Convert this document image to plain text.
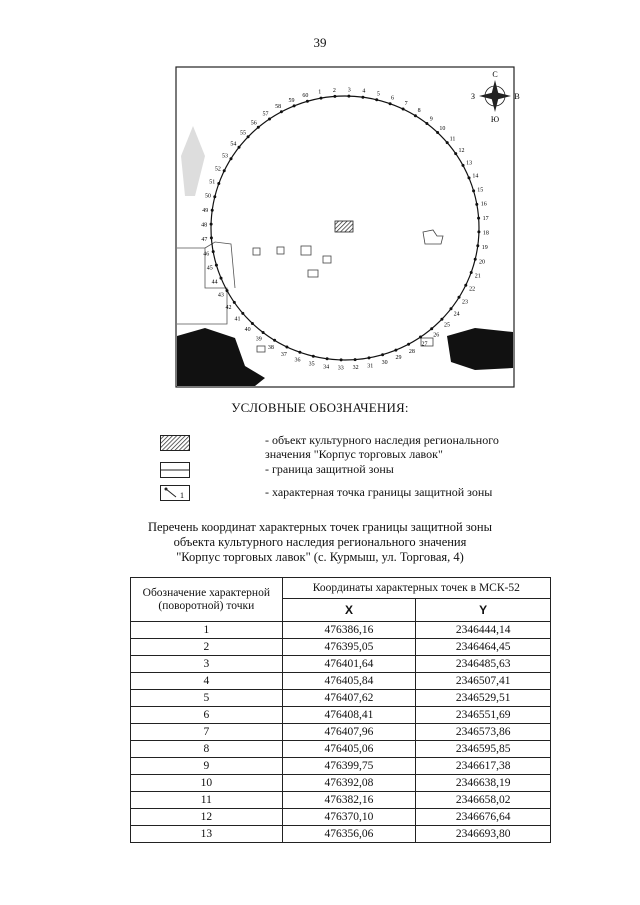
39
1 2 3 4 5
6
7
8
9
10
11
12
13
14
15
16
17
18
19
20
21
22
23
24
25
26
27
28
29
30
31
32
33
34
35
36
37
38
39
40
41
42
43
44
45
46
47
48
49
50
51
52
53
54
55
56
57
58
59
60
С
З	В
Ю
УСЛОВНЫЕ ОБОЗНАЧЕНИЯ:
- объект культурного наследия регионального значения "Корпус торговых лавок"
- граница защитной зоны
1	- характерная точка границы защитной зоны
Перечень координат характерных точек границы защитной зоны
объекта культурного наследия регионального значения
"Корпус торговых лавок" (с. Курмыш, ул. Торговая, 4)
Обозначение характерной (поворотной) точки	Координаты характерных точек в МСК-52	
	X	Y
1	476386,16	2346444,14
2	476395,05	2346464,45
3	476401,64	2346485,63
4	476405,84	2346507,41
5	476407,62	2346529,51
6	476408,41	2346551,69
7	476407,96	2346573,86
8	476405,06	2346595,85
9	476399,75	2346617,38
10	476392,08	2346638,19
11	476382,16	2346658,02
12	476370,10	2346676,64
13	476356,06	2346693,80
